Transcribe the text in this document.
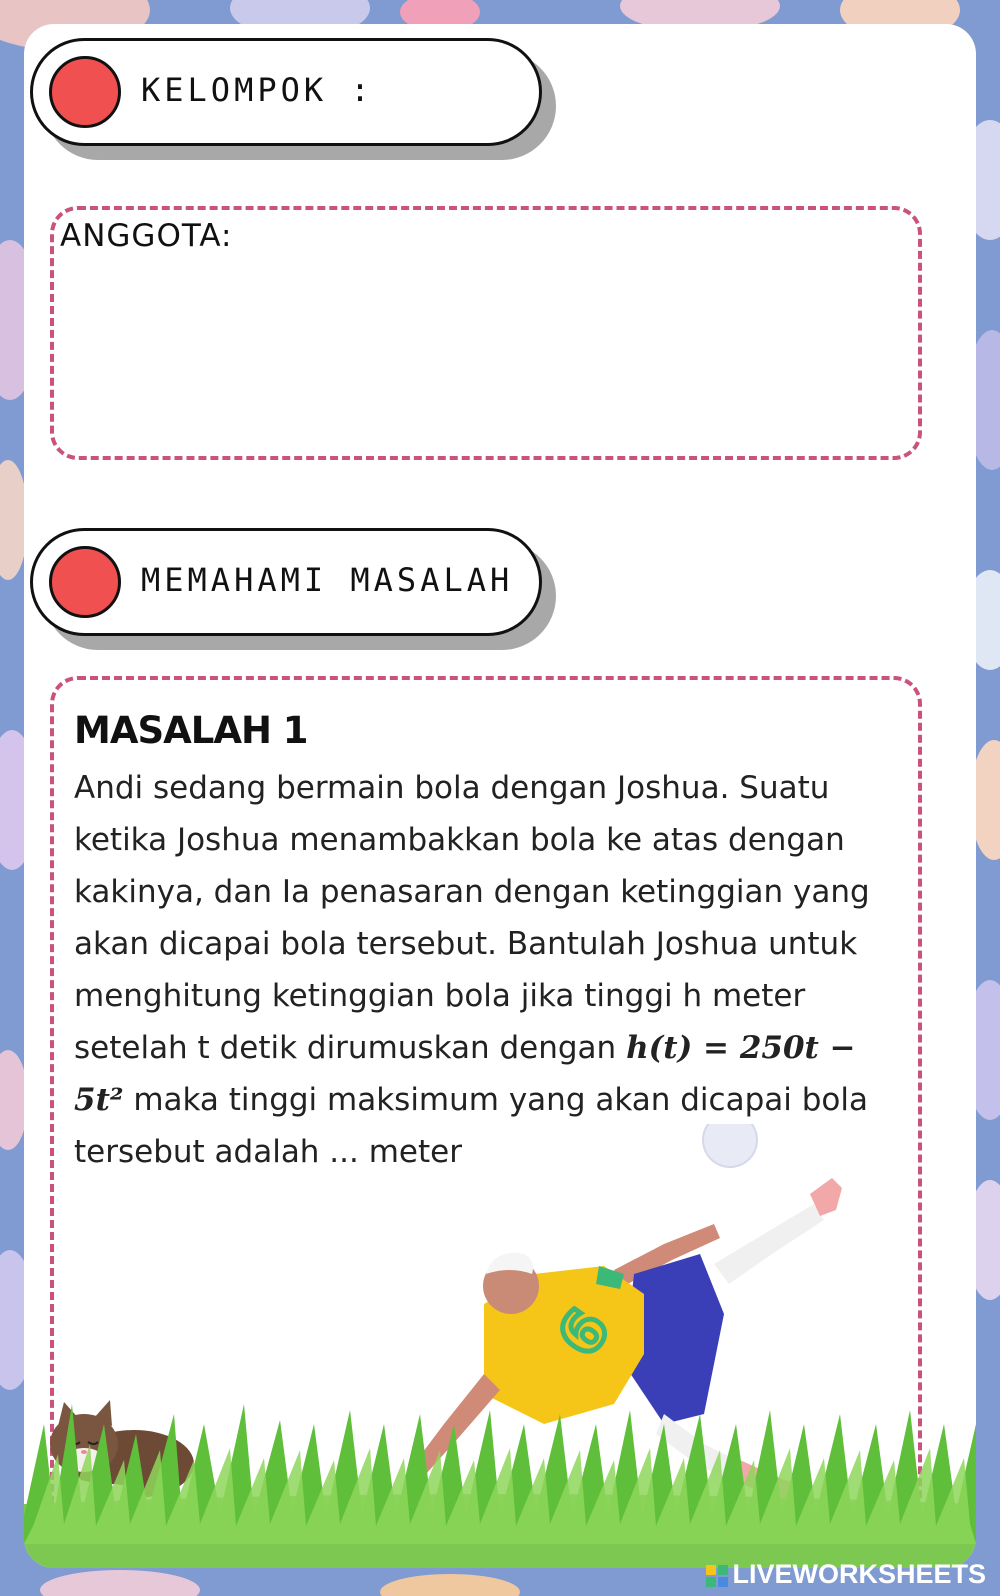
KELOMPOK :
ANGGOTA:
MEMAHAMI MASALAH
MASALAH 1
Andi sedang bermain bola dengan Joshua. Suatu ketika Joshua menambakkan bola ke atas dengan kakinya, dan Ia penasaran dengan ketinggian yang akan dicapai bola tersebut. Bantulah Joshua untuk menghitung ketinggian bola jika tinggi h meter setelah t detik dirumuskan dengan h(t) = 250t − 5t² maka tinggi maksimum yang akan dicapai bola tersebut adalah ... meter
6
LIVEWORKSHEETS
